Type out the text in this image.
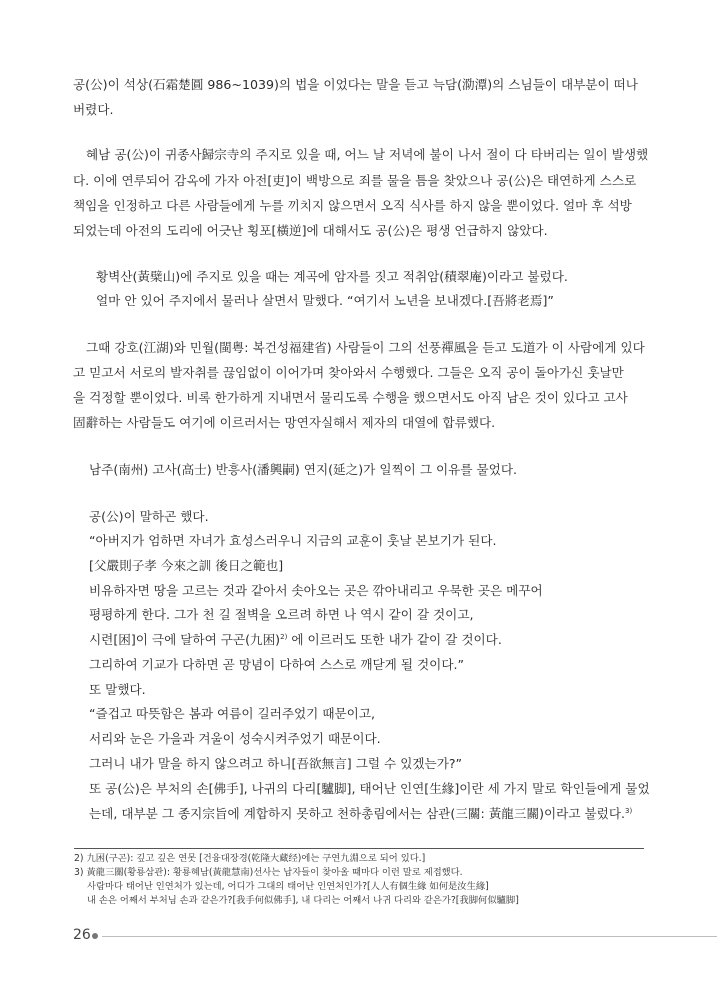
공(公)이 석상(石霜楚圓 986~1039)의 법을 이었다는 말을 듣고 늑담(泐潭)의 스님들이 대부분이 떠나
버렸다.
혜남 공(公)이 귀종사歸宗寺의 주지로 있을 때, 어느 날 저녁에 불이 나서 절이 다 타버리는 일이 발생했
다. 이에 연루되어 감옥에 가자 아전[吏]이 백방으로 죄를 물을 틈을 찾았으나 공(公)은 태연하게 스스로
책임을 인정하고 다른 사람들에게 누를 끼치지 않으면서 오직 식사를 하지 않을 뿐이었다. 얼마 후 석방
되었는데 아전의 도리에 어긋난 횡포[橫逆]에 대해서도 공(公)은 평생 언급하지 않았다.
황벽산(黃檗山)에 주지로 있을 때는 계곡에 암자를 짓고 적취암(積翠庵)이라고 불렀다.
얼마 안 있어 주지에서 물러나 살면서 말했다. “여기서 노년을 보내겠다.[吾將老焉]”
그때 강호(江湖)와 민월(閩粤: 복건성福建省) 사람들이 그의 선풍禪風을 듣고 도道가 이 사람에게 있다
고 믿고서 서로의 발자취를 끊임없이 이어가며 찾아와서 수행했다. 그들은 오직 공이 돌아가신 훗날만
을 걱정할 뿐이었다. 비록 한가하게 지내면서 물리도록 수행을 했으면서도 아직 남은 것이 있다고 고사
固辭하는 사람들도 여기에 이르러서는 망연자실해서 제자의 대열에 합류했다.
남주(南州) 고사(高士) 반흥사(潘興嗣) 연지(延之)가 일찍이 그 이유를 물었다.
공(公)이 말하곤 했다.
“아버지가 엄하면 자녀가 효성스러우니 지금의 교훈이 훗날 본보기가 된다.
[父嚴則子孝 今來之訓 後日之範也]
비유하자면 땅을 고르는 것과 같아서 솟아오는 곳은 깎아내리고 우묵한 곳은 메꾸어
평평하게 한다. 그가 천 길 절벽을 오르려 하면 나 역시 같이 갈 것이고,
시련[困]이 극에 달하여 구곤(九困)$^{2)}$ 에 이르러도 또한 내가 같이 갈 것이다.
그리하여 기교가 다하면 곧 망념이 다하여 스스로 깨닫게 될 것이다.”
또 말했다.
“즐겁고 따뜻함은 봄과 여름이 길러주었기 때문이고,
서리와 눈은 가을과 겨울이 성숙시켜주었기 때문이다.
그러니 내가 말을 하지 않으려고 하니[吾欲無言] 그럴 수 있겠는가?”
또 공(公)은 부처의 손[佛手], 나귀의 다리[驢脚], 태어난 인연[生緣]이란 세 가지 말로 학인들에게 물었
는데, 대부분 그 종지宗旨에 계합하지 못하고 천하총림에서는 삼관(三關: 黃龍三關)이라고 불렀다.$^{3)}$
2) 九困(구곤): 깊고 깊은 연못 [건융대장경(乾隆大藏经)에는 구연九淵으로 되어 있다.]
3) 黃龍三關(황룡삼관): 황룡혜남(黃龍慧南)선사는 납자들이 찾아올 때마다 이런 말로 제접했다.
사람마다 태어난 인연처가 있는데, 어디가 그대의 태어난 인연처인가?[人人有個生緣 如何是汝生緣]
내 손은 어째서 부처님 손과 같은가?[我手何似佛手], 내 다리는 어째서 나귀 다리와 같은가?[我脚何似驢脚]
26
